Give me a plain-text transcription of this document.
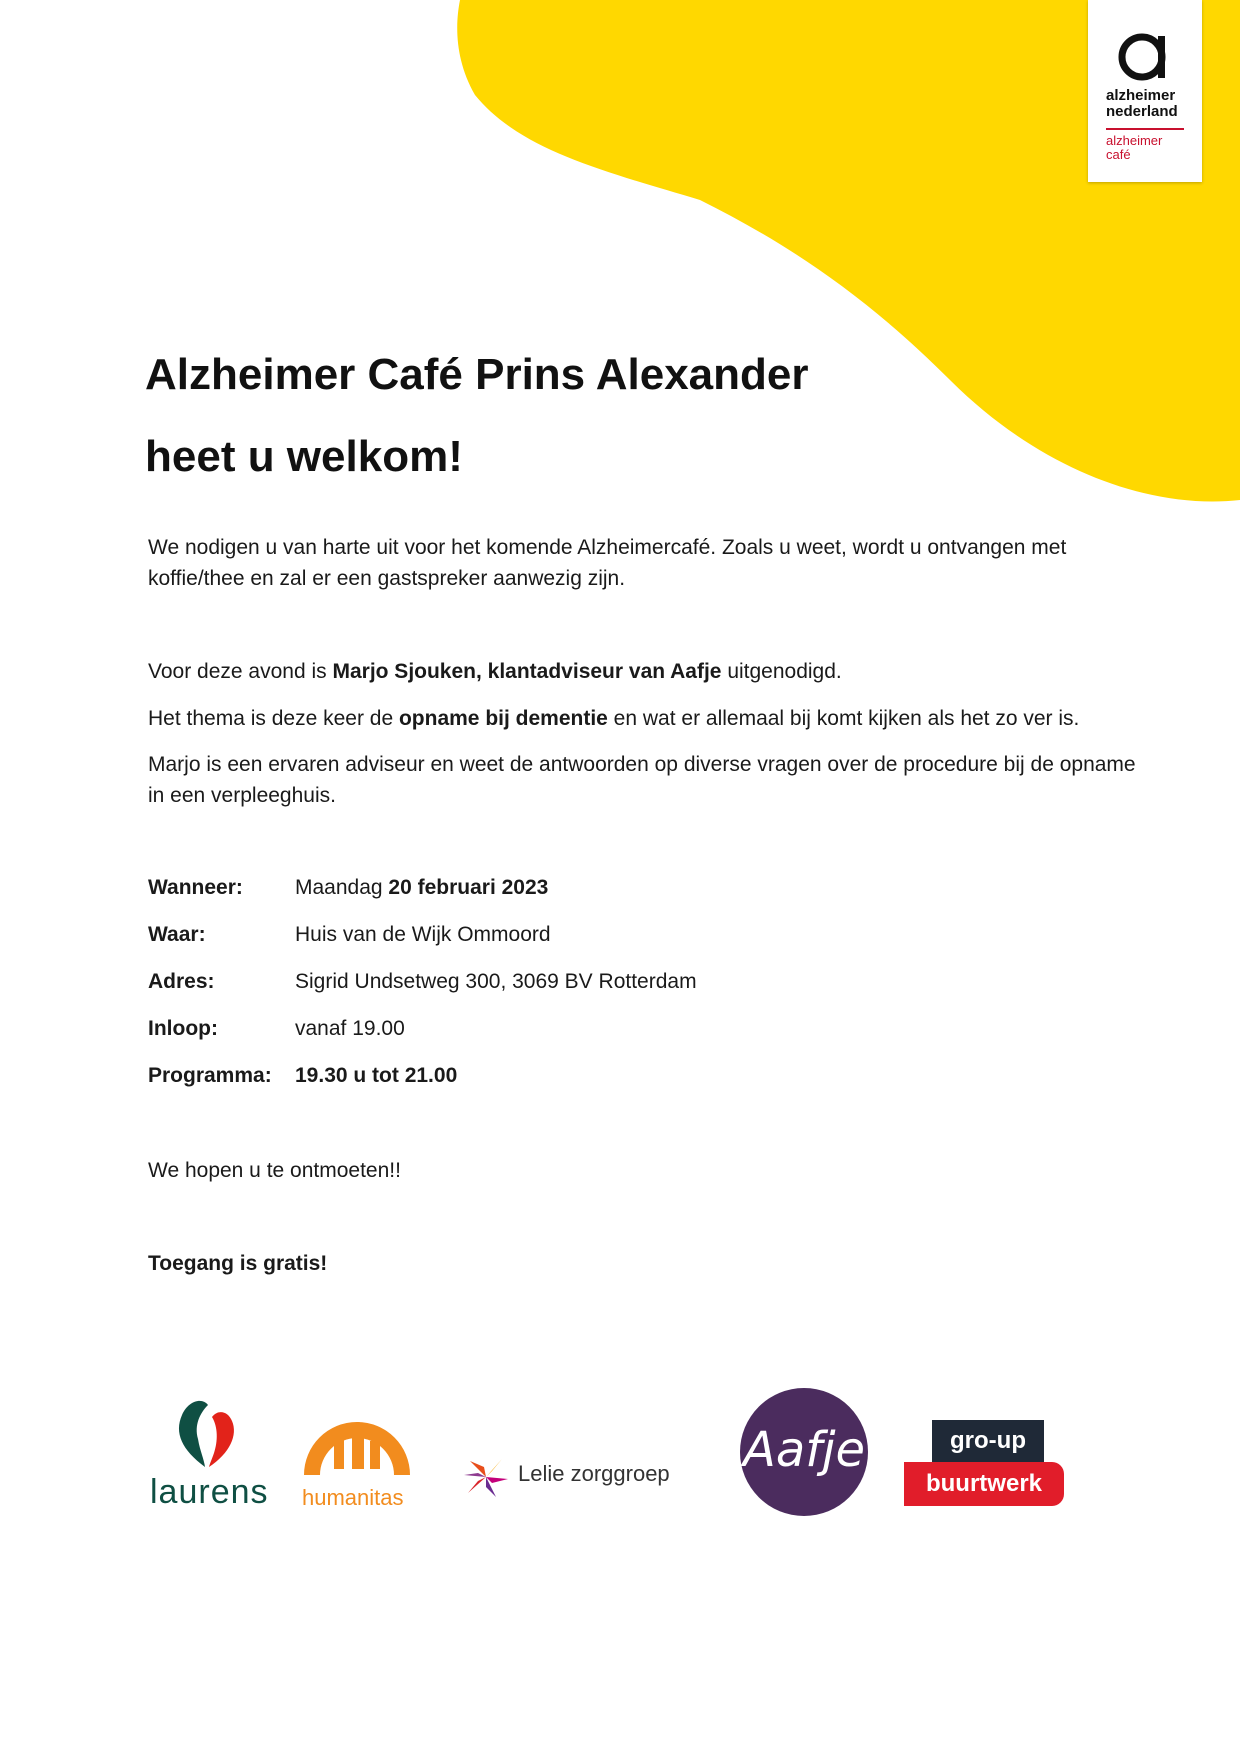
alzheimer
nederland
alzheimer
café
Alzheimer Café Prins Alexander
heet u welkom!

We nodigen u van harte uit voor het komende Alzheimercafé. Zoals u weet, wordt u ontvangen met koffie/thee en zal er een gastspreker aanwezig zijn.

Voor deze avond is Marjo Sjouken, klantadviseur van Aafje uitgenodigd.

Het thema is deze keer de opname bij dementie en wat er allemaal bij komt kijken als het zo ver is.

Marjo is een ervaren adviseur en weet de antwoorden op diverse vragen over de procedure bij de opname in een verpleeghuis.

Wanneer: Maandag 20 februari 2023
Waar:	Huis van de Wijk Ommoord
Adres:	Sigrid Undsetweg 300, 3069 BV Rotterdam
Inloop:	vanaf 19.00
Programma: 19.30 u tot 21.00

We hopen u te ontmoeten!!

Toegang is gratis!

laurens humanitas
Lelie zorggroep Aafje	gro-up
buurtwerk
